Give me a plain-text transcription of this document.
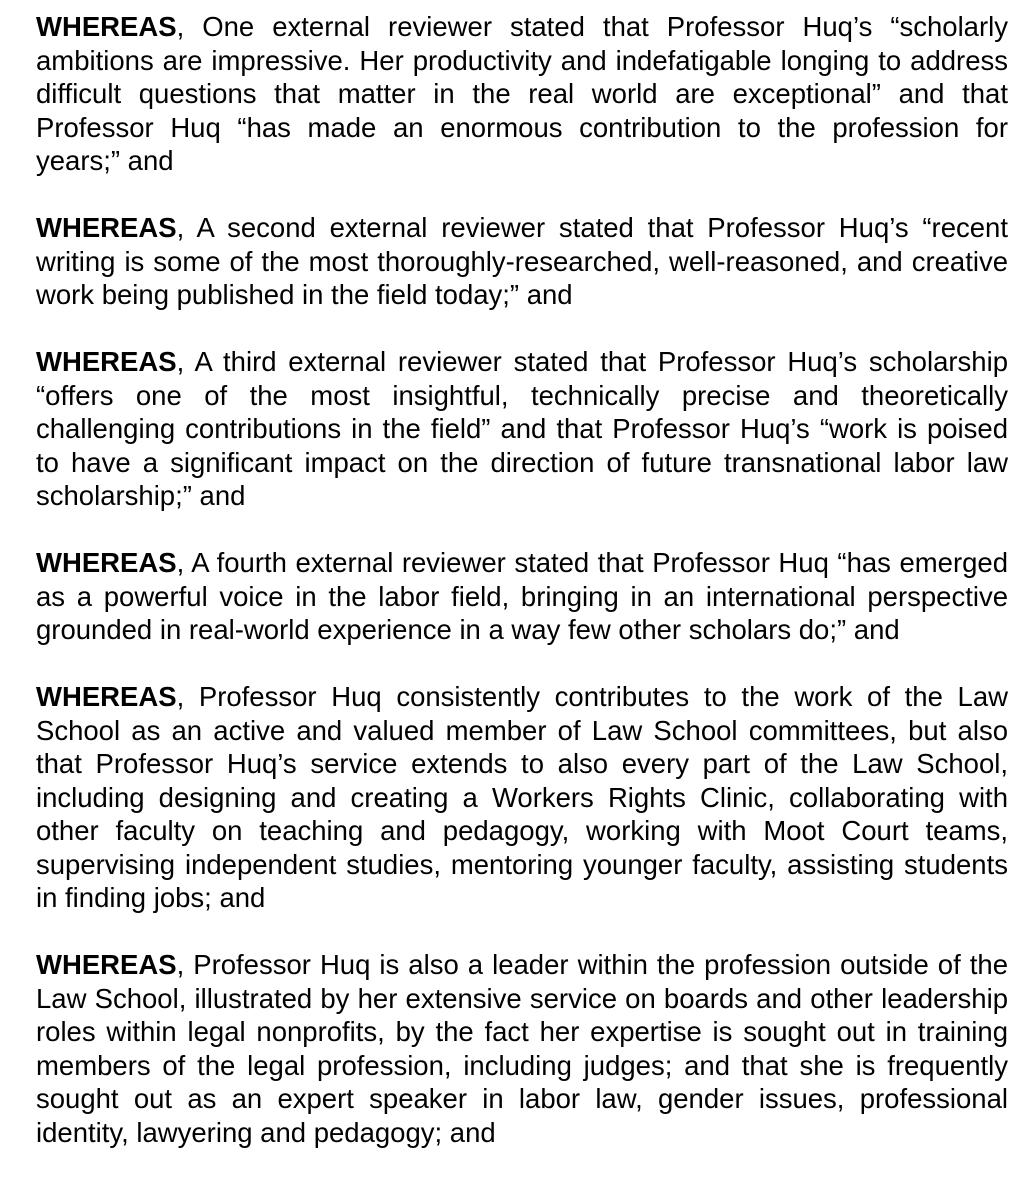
WHEREAS, One external reviewer stated that Professor Huq’s “scholarly ambitions are impressive. Her productivity and indefatigable longing to address difficult questions that matter in the real world are exceptional” and that Professor Huq “has made an enormous contribution to the profession for years;” and

WHEREAS, A second external reviewer stated that Professor Huq’s “recent writing is some of the most thoroughly-researched, well-reasoned, and creative work being published in the field today;” and

WHEREAS, A third external reviewer stated that Professor Huq’s scholarship “offers one of the most insightful, technically precise and theoretically challenging contributions in the field” and that Professor Huq’s “work is poised to have a significant impact on the direction of future transnational labor law scholarship;” and

WHEREAS, A fourth external reviewer stated that Professor Huq “has emerged as a powerful voice in the labor field, bringing in an international perspective grounded in real-world experience in a way few other scholars do;” and

WHEREAS, Professor Huq consistently contributes to the work of the Law School as an active and valued member of Law School committees, but also that Professor Huq’s service extends to also every part of the Law School, including designing and creating a Workers Rights Clinic, collaborating with other faculty on teaching and pedagogy, working with Moot Court teams, supervising independent studies, mentoring younger faculty, assisting students in finding jobs; and

WHEREAS, Professor Huq is also a leader within the profession outside of the Law School, illustrated by her extensive service on boards and other leadership roles within legal nonprofits, by the fact her expertise is sought out in training members of the legal profession, including judges; and that she is frequently sought out as an expert speaker in labor law, gender issues, professional identity, lawyering and pedagogy; and
